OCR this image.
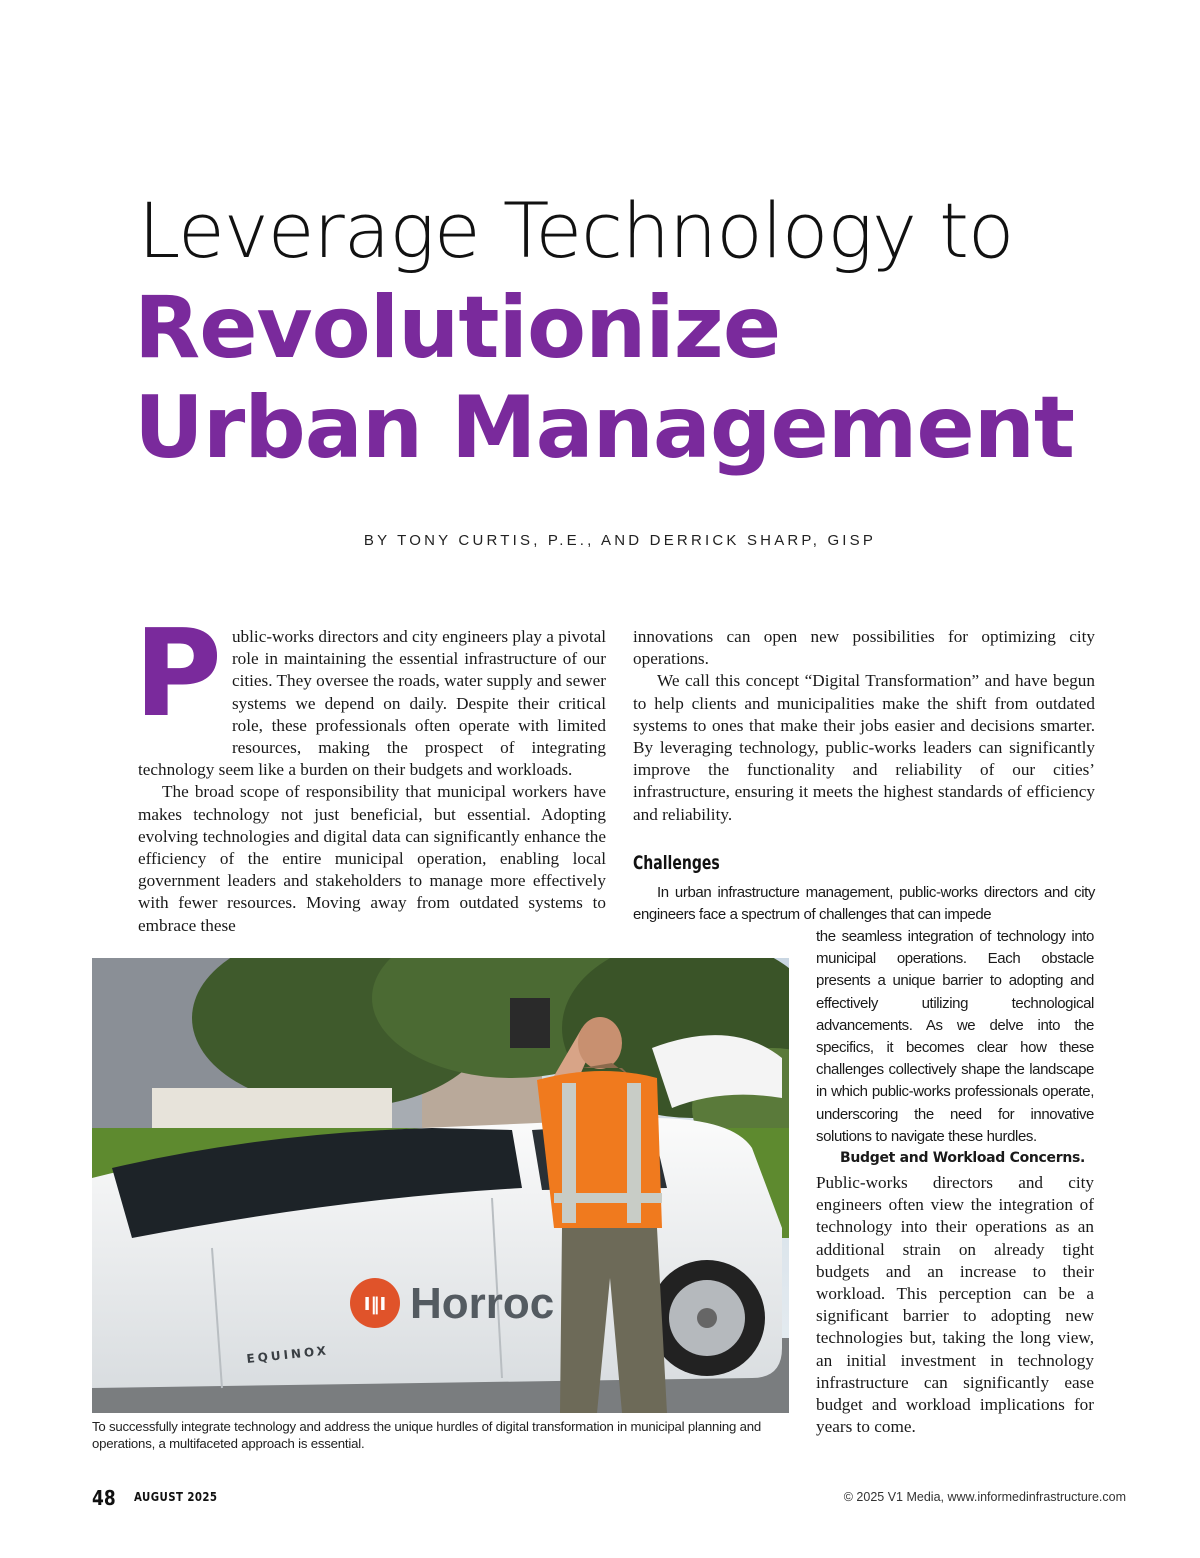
Leverage Technology to
Revolutionize
Urban Management
BY TONY CURTIS, P.E., AND DERRICK SHARP, GISP
P ublic-works directors and city engineers play a pivotal role in maintaining the essential infrastructure of our cities. They oversee the roads, water supply and sewer systems we depend on daily. Despite their critical role, these professionals often operate with limited resources, making the prospect of integrating technology seem like a burden on their budgets and workloads.

The broad scope of responsibility that municipal workers have makes technology not just beneficial, but essential. Adopting evolving technologies and digital data can significantly enhance the efficiency of the entire municipal operation, enabling local government leaders and stakeholders to manage more effectively with fewer resources. Moving away from outdated systems to embrace these

innovations can open new possibilities for optimizing city operations.

We call this concept “Digital Transformation” and have begun to help clients and municipalities make the shift from outdated systems to ones that make their jobs easier and decisions smarter. By leveraging technology, public-works leaders can significantly improve the functionality and reliability of our cities’ infrastructure, ensuring it meets the highest standards of efficiency and reliability.

Challenges

In urban infrastructure management, public-works directors and city engineers face a spectrum of challenges that can impede

the seamless integration of technology into municipal operations. Each obstacle presents a unique barrier to adopting and effectively utilizing technological advancements. As we delve into the specifics, it becomes clear how these challenges collectively shape the landscape in which public-works professionals operate, underscoring the need for innovative solutions to navigate these hurdles.

Budget and Workload Concerns.

Public-works directors and city engineers often view the integration of technology into their operations as an additional strain on already tight budgets and an increase to their workload. This perception can be a significant barrier to adopting new technologies but, taking the long view, an initial investment in technology infrastructure can significantly ease budget and workload implications for years to come.

I‖I Horroc
EQUINOX
To successfully integrate technology and address the unique hurdles of digital transformation in municipal planning and operations, a multifaceted approach is essential.
48 AUGUST 2025	© 2025 V1 Media, www.informedinfrastructure.com
